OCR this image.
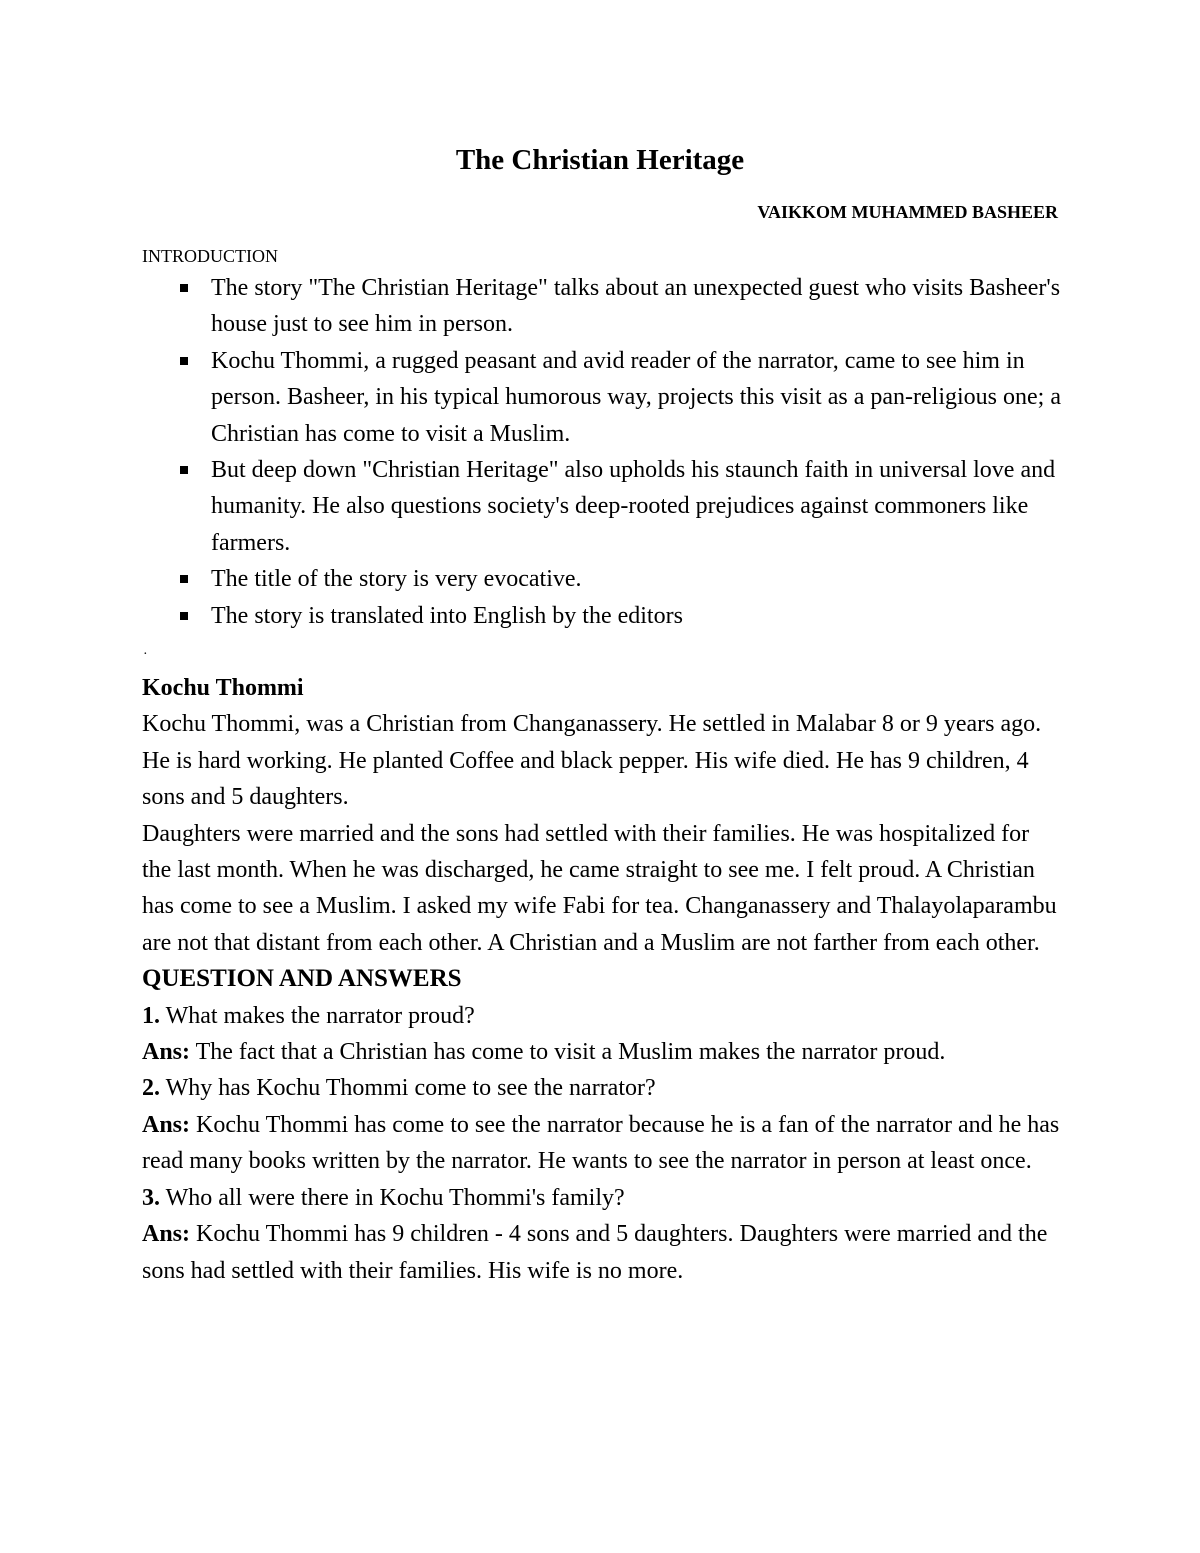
The Christian Heritage

VAIKKOM MUHAMMED BASHEER

INTRODUCTION

The story "The Christian Heritage" talks about an unexpected guest who visits Basheer's house just to see him in person.
Kochu Thommi, a rugged peasant and avid reader of the narrator, came to see him in person. Basheer, in his typical humorous way, projects this visit as a pan-religious one; a Christian has come to visit a Muslim.
But deep down "Christian Heritage" also upholds his staunch faith in universal love and humanity. He also questions society's deep-rooted prejudices against commoners like farmers.
The title of the story is very evocative.
The story is translated into English by the editors
·

Kochu Thommi

Kochu Thommi, was a Christian from Changanassery. He settled in Malabar 8 or 9 years ago. He is hard working. He planted Coffee and black pepper. His wife died. He has 9 children, 4 sons and 5 daughters.

Daughters were married and the sons had settled with their families. He was hospitalized for the last month. When he was discharged, he came straight to see me. I felt proud. A Christian has come to see a Muslim. I asked my wife Fabi for tea. Changanassery and Thalayolaparambu are not that distant from each other. A Christian and a Muslim are not farther from each other.

QUESTION AND ANSWERS

1. What makes the narrator proud?

Ans: The fact that a Christian has come to visit a Muslim makes the narrator proud.

2. Why has Kochu Thommi come to see the narrator?

Ans: Kochu Thommi has come to see the narrator because he is a fan of the narrator and he has read many books written by the narrator. He wants to see the narrator in person at least once.

3. Who all were there in Kochu Thommi's family?

Ans: Kochu Thommi has 9 children - 4 sons and 5 daughters. Daughters were married and the sons had settled with their families. His wife is no more.
